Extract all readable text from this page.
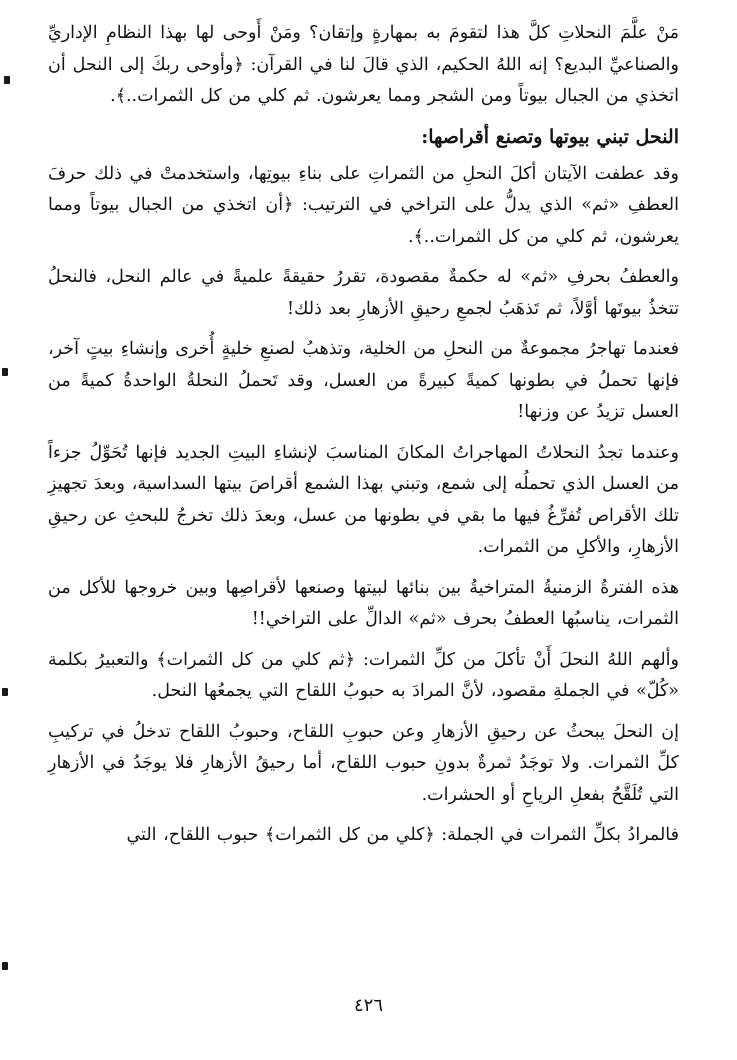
مَنْ علَّمَ النحلاتِ كلَّ هذا لتقومَ به بمهارةٍ وإتقان؟ ومَنْ أَوحى لها بهذا النظامِ الإداريِّ والصناعيِّ البديع؟ إنه اللهُ الحكيم، الذي قالَ لنا في القرآن: ﴿وأوحى ربكَ إلى النحل أن اتخذي من الجبال بيوتاً ومن الشجر ومما يعرشون. ثم كلي من كل الثمرات..﴾.

النحل تبني بيوتها وتصنع أقراصها:

وقد عطفت الآيتان أكلَ النحلِ من الثمراتِ على بناءِ بيوتِها، واستخدمتْ في ذلك حرفَ العطفِ «ثم» الذي يدلُّ على التراخي في الترتيب: ﴿أن اتخذي من الجبال بيوتاً ومما يعرشون، ثم كلي من كل الثمرات..﴾.

والعطفُ بحرفِ «ثم» له حكمةٌ مقصودة، تقررُ حقيقةً علميةً في عالم النحل، فالنحلُ تتخذُ بيوتَها أوَّلاً، ثم تَذهَبُ لجمعِ رحيقِ الأزهارِ بعد ذلك!

فعندما تهاجرُ مجموعةٌ من النحلِ من الخلية، وتذهبُ لصنعِ خليةٍ أُخرى وإنشاءِ بيتٍ آخر، فإنها تحملُ في بطونها كميةً كبيرةً من العسل، وقد تَحملُ النحلةُ الواحدةُ كميةً من العسل تزيدُ عن وزنها!

وعندما تجدُ النحلاتُ المهاجراتُ المكانَ المناسبَ لإنشاءِ البيتِ الجديد فإنها تُحَوِّلُ جزءاً من العسل الذي تحملُه إلى شمع، وتبني بهذا الشمع أقراصَ بيتها السداسية، وبعدَ تجهيزِ تلك الأقراص تُفرِّغُ فيها ما بقي في بطونها من عسل، وبعدَ ذلك تخرجُ للبحثِ عن رحيقِ الأزهارِ، والأكلِ من الثمرات.

هذه الفترةُ الزمنيةُ المتراخيةُ بين بنائها لبيتها وصنعها لأقراصِها وبين خروجها للأكل من الثمرات، يناسبُها العطفُ بحرف «ثم» الدالِّ على التراخي!!

وألهم اللهُ النحلَ أَنْ تأكلَ من كلِّ الثمرات: ﴿ثم كلي من كل الثمرات﴾ والتعبيرُ بكلمة «كُلّ» في الجملةِ مقصود، لأنَّ المرادَ به حبوبُ اللقاح التي يجمعُها النحل.

إن النحلَ يبحثُ عن رحيقِ الأزهارِ وعن حبوبِ اللقاح، وحبوبُ اللقاح تدخلُ في تركيبِ كلِّ الثمرات. ولا توجَدُ ثمرةٌ بدونِ حبوب اللقاح، أما رحيقُ الأزهارِ فلا يوجَدُ في الأزهارِ التي تُلَقَّحُ بفعلِ الرياحِ أو الحشرات.

فالمرادُ بكلِّ الثمرات في الجملة: ﴿كلي من كل الثمرات﴾ حبوب اللقاح، التي

٤٢٦
